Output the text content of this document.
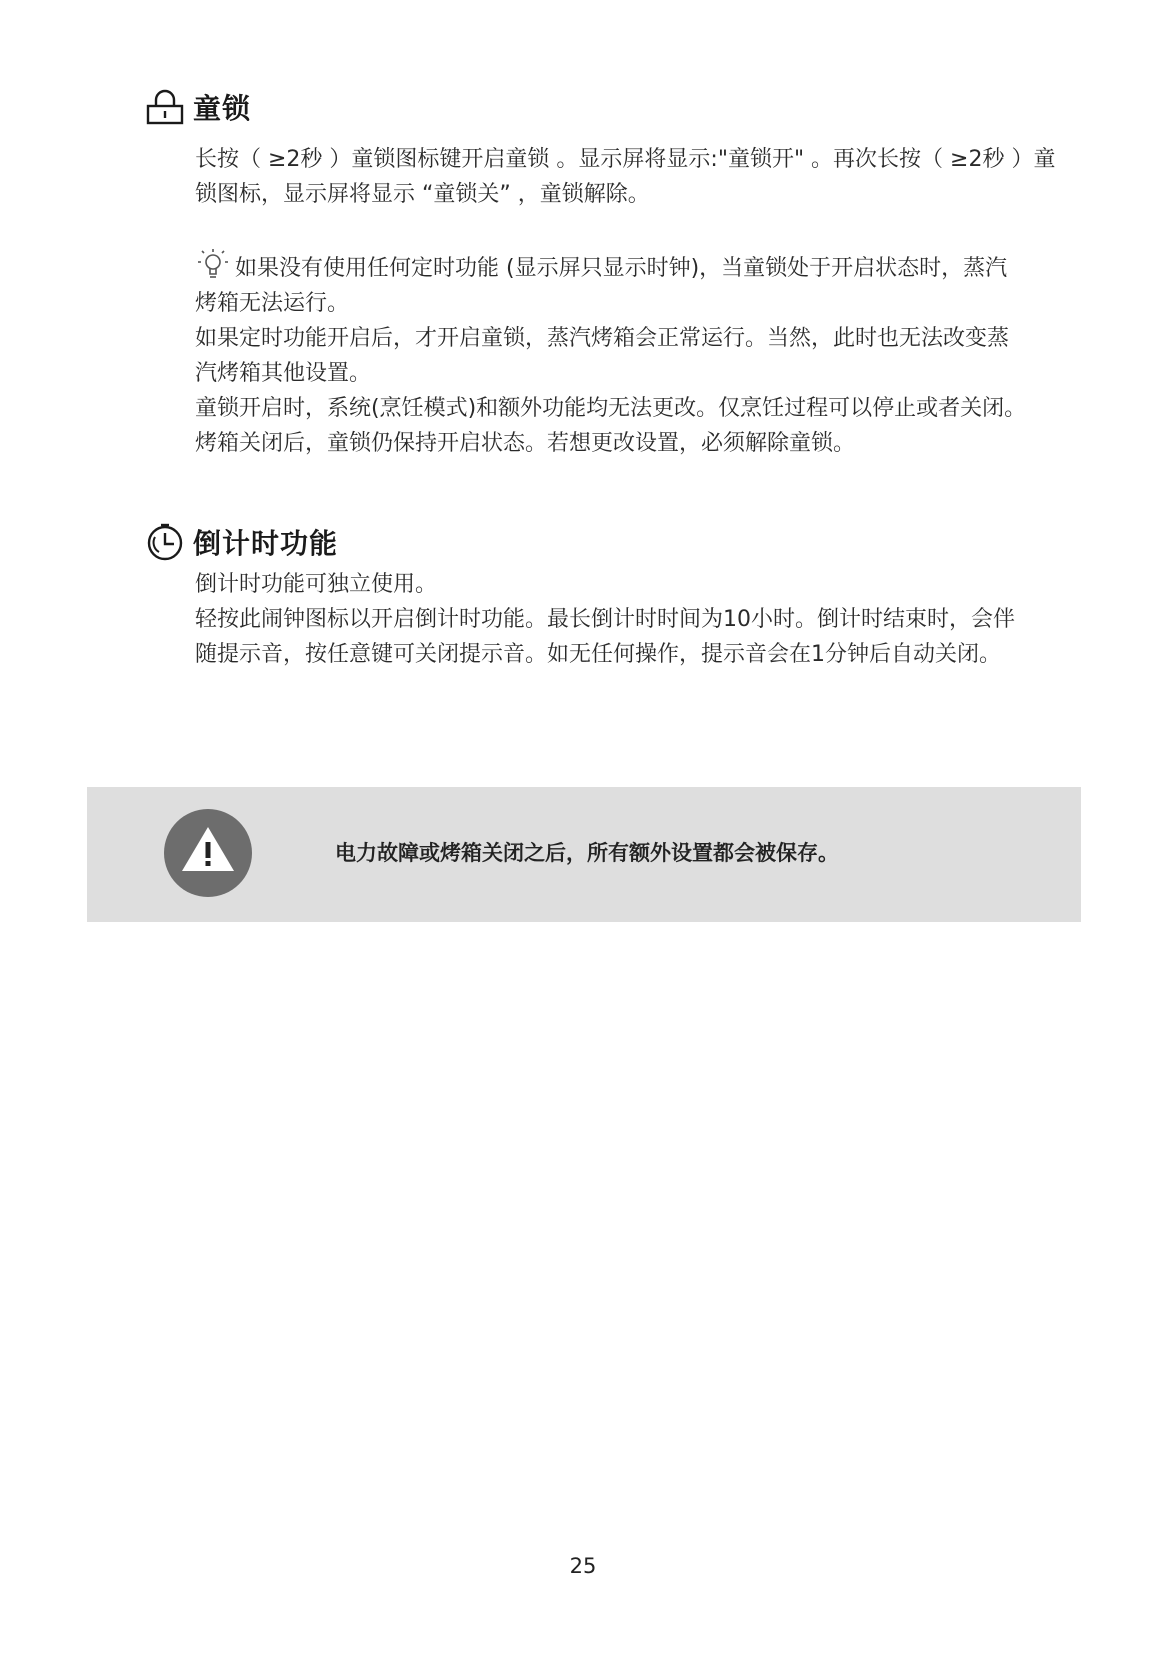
童锁

长按（ ≥2秒 ）童锁图标键开启童锁 。显示屏将显示:"童锁开" 。再次长按（ ≥2秒 ）童

锁图标，显示屏将显示 “童锁关” ，童锁解除。

如果没有使用任何定时功能 (显示屏只显示时钟)，当童锁处于开启状态时，蒸汽

烤箱无法运行。

如果定时功能开启后，才开启童锁，蒸汽烤箱会正常运行。当然，此时也无法改变蒸

汽烤箱其他设置。

童锁开启时，系统(烹饪模式)和额外功能均无法更改。仅烹饪过程可以停止或者关闭。

烤箱关闭后，童锁仍保持开启状态。若想更改设置，必须解除童锁。

倒计时功能

倒计时功能可独立使用。

轻按此闹钟图标以开启倒计时功能。最长倒计时时间为10小时。倒计时结束时，会伴

随提示音，按任意键可关闭提示音。如无任何操作，提示音会在1分钟后自动关闭。

电力故障或烤箱关闭之后，所有额外设置都会被保存。
25
